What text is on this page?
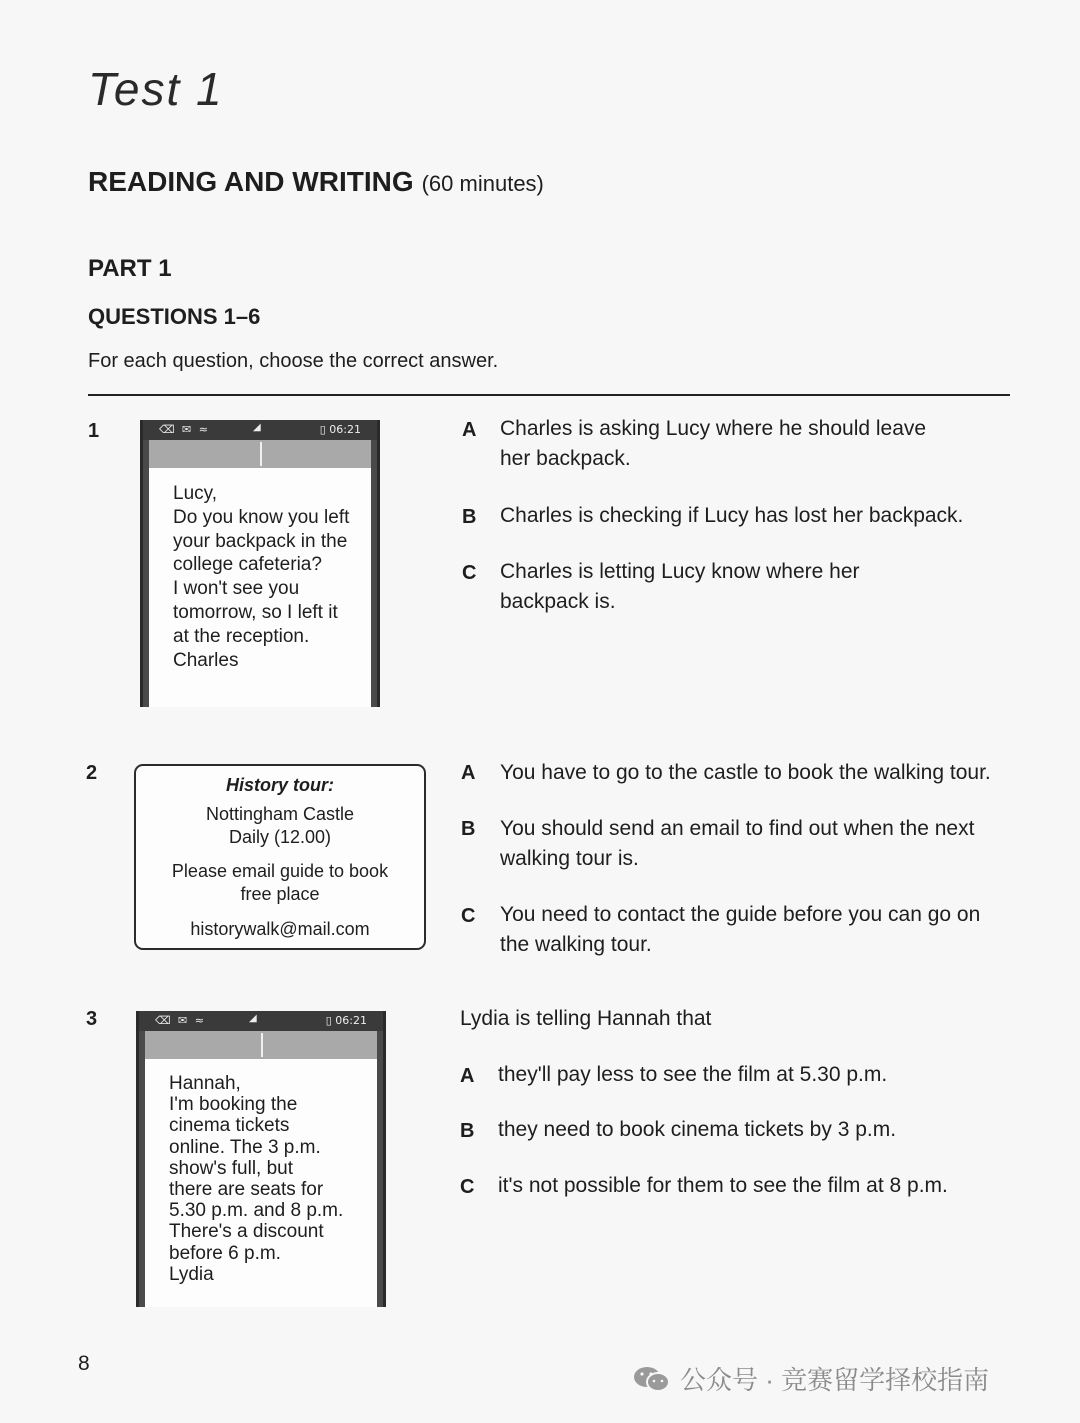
Test 1
READING AND WRITING (60 minutes)
PART 1
QUESTIONS 1–6
For each question, choose the correct answer.
1	⌫ ✉ ≈	◢	▯ 06:21
Lucy,
Do you know you left
your backpack in the
college cafeteria?
I won't see you
tomorrow, so I left it
at the reception.
Charles
A Charles is asking Lucy where he should leave her backpack.
B Charles is checking if Lucy has lost her backpack.
C Charles is letting Lucy know where her backpack is.
2

History tour:

Nottingham Castle

Daily (12.00)

Please email guide to book

free place

historywalk@mail.com

A You have to go to the castle to book the walking tour.
B You should send an email to find out when the next walking tour is.
C You need to contact the guide before you can go on the walking tour.
3	⌫ ✉ ≈	◢	▯ 06:21
Hannah,
I'm booking the
cinema tickets
online. The 3 p.m.
show's full, but
there are seats for
5.30 p.m. and 8 p.m.
There's a discount
before 6 p.m.
Lydia
Lydia is telling Hannah that
A they'll pay less to see the film at 5.30 p.m.
B they need to book cinema tickets by 3 p.m.
C it's not possible for them to see the film at 8 p.m.
8
公众号 · 竞赛留学择校指南
